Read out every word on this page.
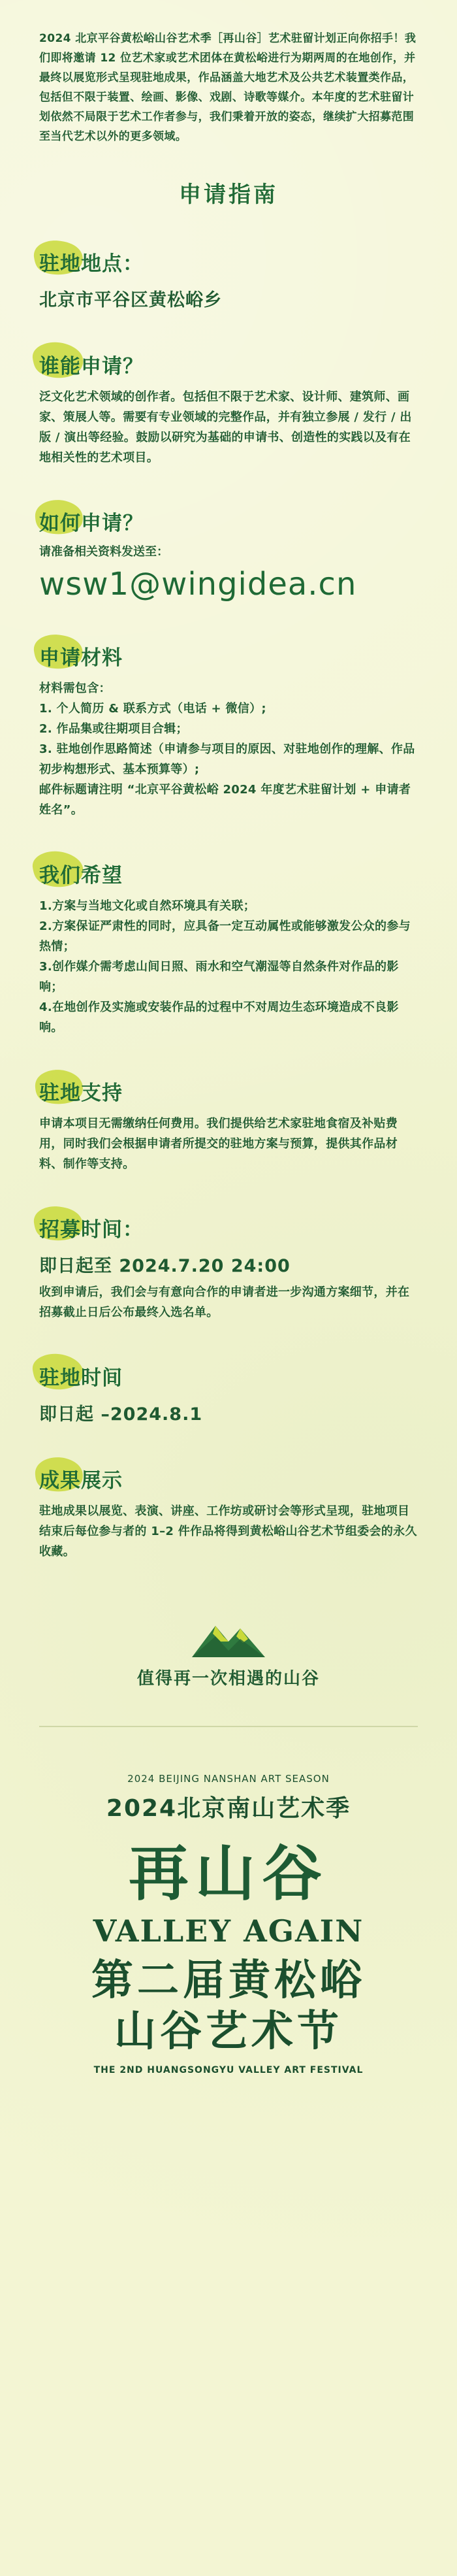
2024 北京平谷黄松峪山谷艺术季［再山谷］艺术驻留计划正向你招手！我们即将邀请 12 位艺术家或艺术团体在黄松峪进行为期两周的在地创作，并最终以展览形式呈现驻地成果，作品涵盖大地艺术及公共艺术装置类作品，包括但不限于装置、绘画、影像、戏剧、诗歌等媒介。本年度的艺术驻留计划依然不局限于艺术工作者参与，我们秉着开放的姿态，继续扩大招募范围至当代艺术以外的更多领域。
申请指南
驻地地点：
北京市平谷区黄松峪乡
谁能申请？
泛文化艺术领域的创作者。包括但不限于艺术家、设计师、建筑师、画家、策展人等。需要有专业领域的完整作品，并有独立参展 / 发行 / 出版 / 演出等经验。鼓励以研究为基础的申请书、创造性的实践以及有在地相关性的艺术项目。
如何申请？
请准备相关资料发送至：
wsw1@wingidea.cn
申请材料

材料需包含：

1. 个人简历 & 联系方式（电话 + 微信）;

2. 作品集或往期项目合辑；

3. 驻地创作思路简述（申请参与项目的原因、对驻地创作的理解、作品初步构想形式、基本预算等）;

邮件标题请注明 “北京平谷黄松峪 2024 年度艺术驻留计划 + 申请者姓名”。

我们希望

1.方案与当地文化或自然环境具有关联；

2.方案保证严肃性的同时，应具备一定互动属性或能够激发公众的参与热情；

3.创作媒介需考虑山间日照、雨水和空气潮湿等自然条件对作品的影响；

4.在地创作及实施或安装作品的过程中不对周边生态环境造成不良影响。

驻地支持
申请本项目无需缴纳任何费用。我们提供给艺术家驻地食宿及补贴费用，同时我们会根据申请者所提交的驻地方案与预算，提供其作品材料、制作等支持。
招募时间：
即日起至 2024.7.20 24:00
收到申请后，我们会与有意向合作的申请者进一步沟通方案细节，并在招募截止日后公布最终入选名单。
驻地时间
即日起 –2024.8.1
成果展示
驻地成果以展览、表演、讲座、工作坊或研讨会等形式呈现，驻地项目结束后每位参与者的 1–2 件作品将得到黄松峪山谷艺术节组委会的永久收藏。
值得再一次相遇的山谷
2024 BEIJING NANSHAN ART SEASON
2024北京南山艺术季
再山谷
VALLEY AGAIN
第二届黄松峪
山谷艺术节
THE 2ND HUANGSONGYU VALLEY ART FESTIVAL
